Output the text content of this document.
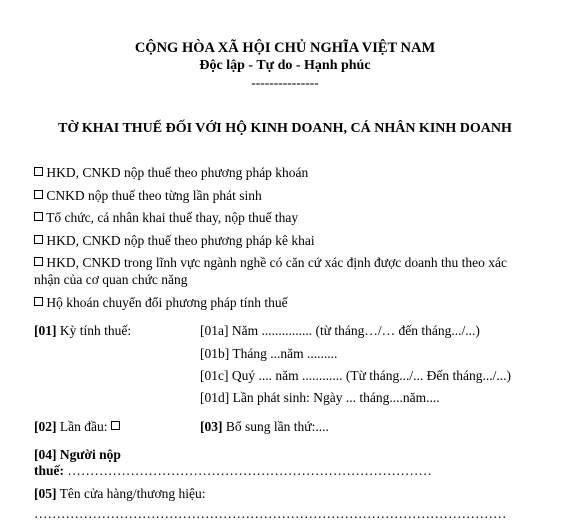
CỘNG HÒA XÃ HỘI CHỦ NGHĨA VIỆT NAM
Độc lập - Tự do - Hạnh phúc
---------------
TỜ KHAI THUẾ ĐỐI VỚI HỘ KINH DOANH, CÁ NHÂN KINH DOANH
HKD, CNKD nộp thuế theo phương pháp khoán
CNKD nộp thuế theo từng lần phát sinh
Tổ chức, cá nhân khai thuế thay, nộp thuế thay
HKD, CNKD nộp thuế theo phương pháp kê khai
HKD, CNKD trong lĩnh vực ngành nghề có căn cứ xác định được doanh thu theo xác nhận của cơ quan chức năng
Hộ khoán chuyển đổi phương pháp tính thuế
[01] Kỳ tính thuế:	[01a] Năm ............... (từ tháng…/… đến tháng.../...)
[01b] Tháng ...năm .........
[01c] Quý .... năm ............ (Từ tháng.../... Đến tháng.../...)
[01d] Lần phát sinh: Ngày ... tháng....năm....
[02] Lần đầu:	[03] Bổ sung lần thứ:....
[04] Người nộp
thuế: ………………………………………………………………………
[05] Tên cửa hàng/thương hiệu:
……………………………………………………………………………………………
